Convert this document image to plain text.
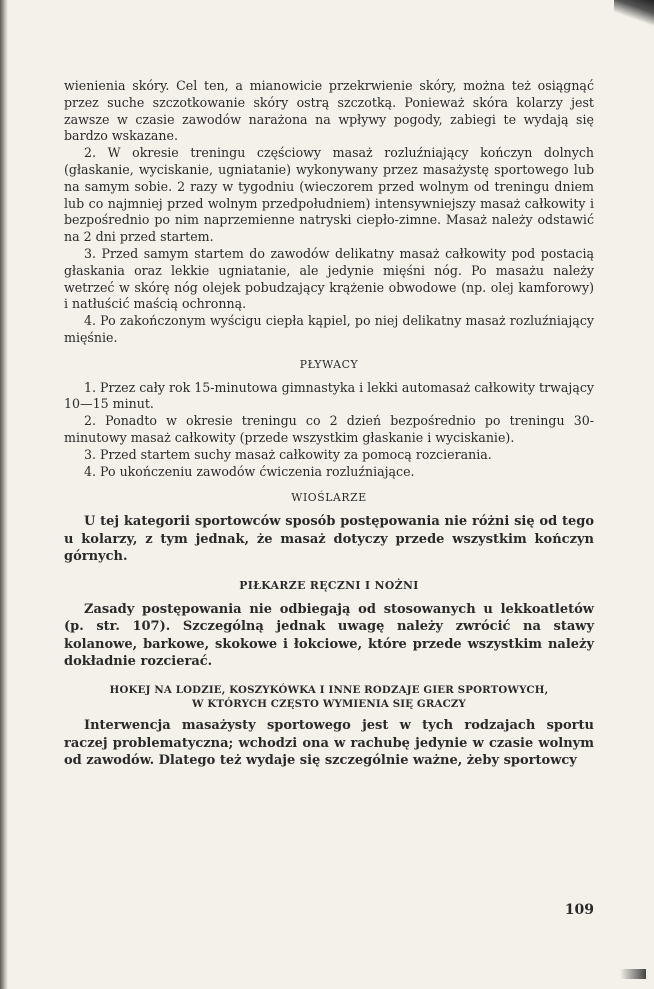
wienienia skóry. Cel ten, a mianowicie przekrwienie skóry, można też osiągnąć przez suche szczotkowanie skóry ostrą szczotką. Ponieważ skóra kolarzy jest zawsze w czasie zawodów narażona na wpływy pogody, zabiegi te wydają się bardzo wskazane.

2. W okresie treningu częściowy masaż rozluźniający kończyn dolnych (głaskanie, wyciskanie, ugniatanie) wykonywany przez masażystę sportowego lub na samym sobie. 2 razy w tygodniu (wieczorem przed wolnym od treningu dniem lub co najmniej przed wolnym przedpołudniem) intensywniejszy masaż całkowity i bezpośrednio po nim naprzemienne natryski ciepło-zimne. Masaż należy odstawić na 2 dni przed startem.

3. Przed samym startem do zawodów delikatny masaż całkowity pod postacią głaskania oraz lekkie ugniatanie, ale jedynie mięśni nóg. Po masażu należy wetrzeć w skórę nóg olejek pobudzający krążenie obwodowe (np. olej kamforowy) i natłuścić maścią ochronną.

4. Po zakończonym wyścigu ciepła kąpiel, po niej delikatny masaż rozluźniający mięśnie.

PŁYWACY

1. Przez cały rok 15-minutowa gimnastyka i lekki automasaż całkowity trwający 10—15 minut.

2. Ponadto w okresie treningu co 2 dzień bezpośrednio po treningu 30-minutowy masaż całkowity (przede wszystkim głaskanie i wyciskanie).

3. Przed startem suchy masaż całkowity za pomocą rozcierania.

4. Po ukończeniu zawodów ćwiczenia rozluźniające.

WIOŚLARZE

U tej kategorii sportowców sposób postępowania nie różni się od tego u kolarzy, z tym jednak, że masaż dotyczy przede wszystkim kończyn górnych.

PIŁKARZE RĘCZNI I NOŻNI

Zasady postępowania nie odbiegają od stosowanych u lekkoatletów (p. str. 107). Szczególną jednak uwagę należy zwrócić na stawy kolanowe, barkowe, skokowe i łokciowe, które przede wszystkim należy dokładnie rozcierać.

HOKEJ NA LODZIE, KOSZYKÓWKA I INNE RODZAJE GIER SPORTOWYCH,
W KTÓRYCH CZĘSTO WYMIENIA SIĘ GRACZY

Interwencja masażysty sportowego jest w tych rodzajach sportu raczej problematyczna; wchodzi ona w rachubę jedynie w czasie wolnym od zawodów. Dlatego też wydaje się szczególnie ważne, żeby sportowcy

109
